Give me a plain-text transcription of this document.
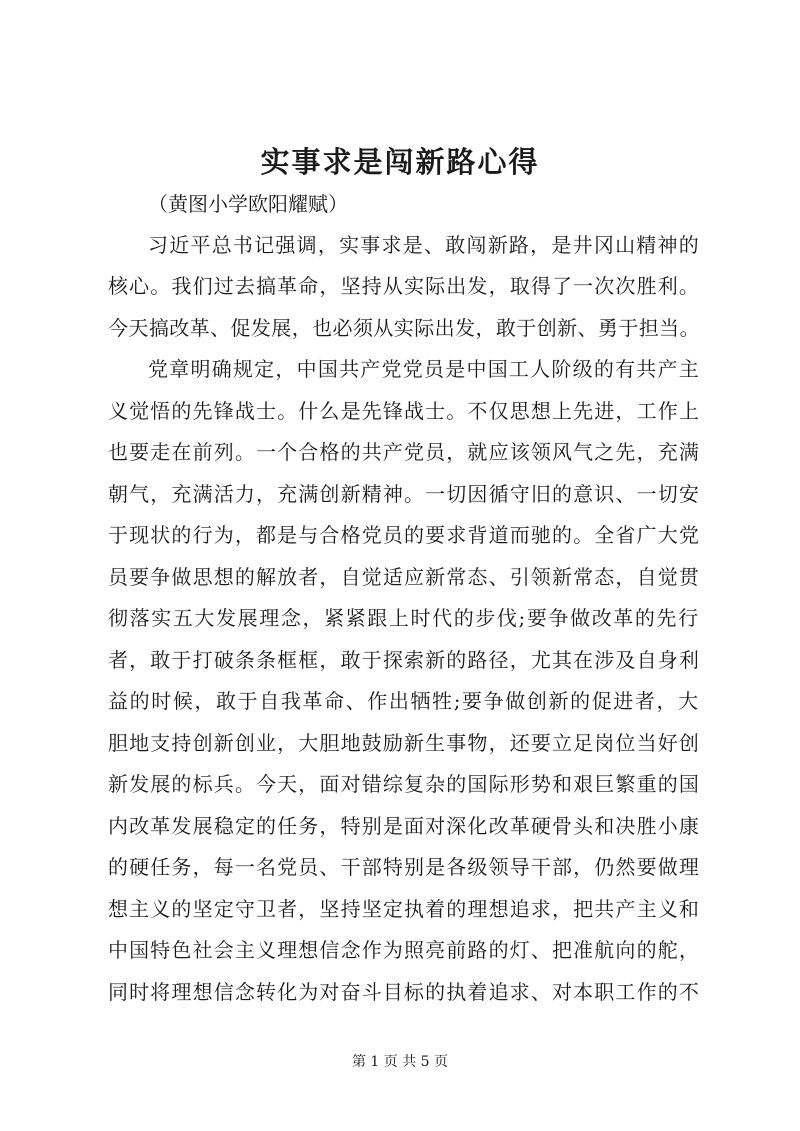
实事求是闯新路心得

（黄图小学欧阳耀赋）

习近平总书记强调，实事求是、敢闯新路，是井冈山精神的

核心。我们过去搞革命，坚持从实际出发，取得了一次次胜利。

今天搞改革、促发展，也必须从实际出发，敢于创新、勇于担当。

党章明确规定，中国共产党党员是中国工人阶级的有共产主

义觉悟的先锋战士。什么是先锋战士。不仅思想上先进，工作上

也要走在前列。一个合格的共产党员，就应该领风气之先，充满

朝气，充满活力，充满创新精神。一切因循守旧的意识、一切安

于现状的行为，都是与合格党员的要求背道而驰的。全省广大党

员要争做思想的解放者，自觉适应新常态、引领新常态，自觉贯

彻落实五大发展理念，紧紧跟上时代的步伐;要争做改革的先行

者，敢于打破条条框框，敢于探索新的路径，尤其在涉及自身利

益的时候，敢于自我革命、作出牺牲;要争做创新的促进者，大

胆地支持创新创业，大胆地鼓励新生事物，还要立足岗位当好创

新发展的标兵。今天，面对错综复杂的国际形势和艰巨繁重的国

内改革发展稳定的任务，特别是面对深化改革硬骨头和决胜小康

的硬任务，每一名党员、干部特别是各级领导干部，仍然要做理

想主义的坚定守卫者，坚持坚定执着的理想追求，把共产主义和

中国特色社会主义理想信念作为照亮前路的灯、把准航向的舵，

同时将理想信念转化为对奋斗目标的执着追求、对本职工作的不

第 1 页 共 5 页
